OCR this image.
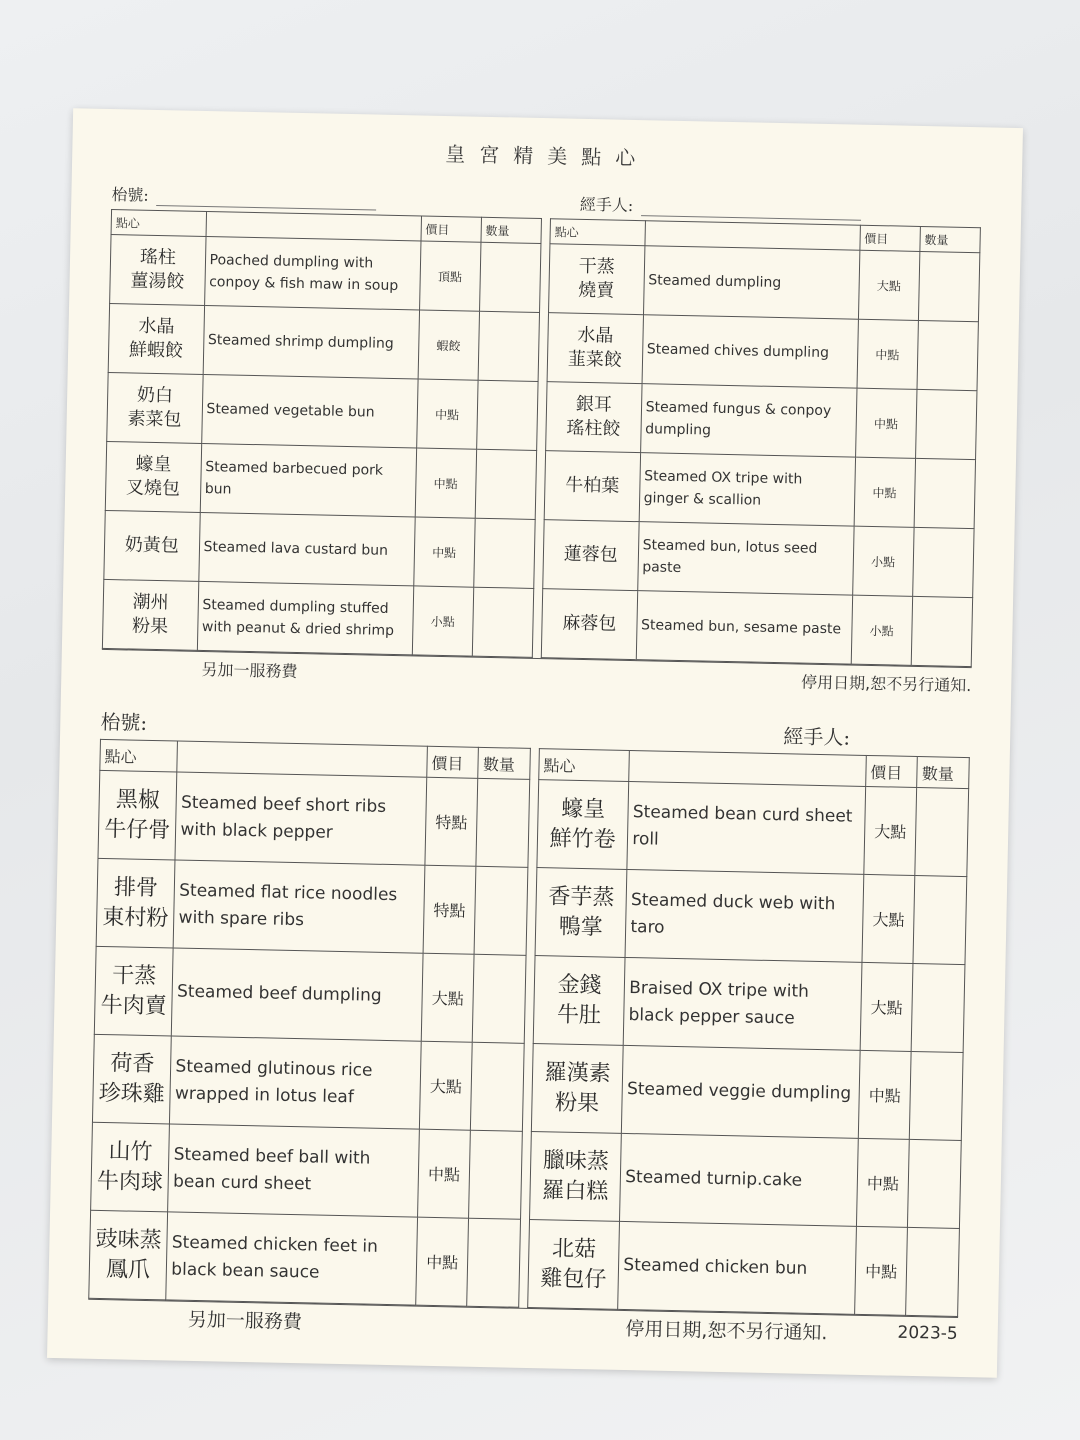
皇宮精美點心
枱號:	經手人:
點心		價目	數量
瑤柱
薑湯餃	Poached dumpling with conpoy & fish maw in soup	頂點	
水晶
鮮蝦餃	Steamed shrimp dumpling	蝦餃	
奶白
素菜包	Steamed vegetable bun	中點	
蠔皇
叉燒包	Steamed barbecued pork bun	中點	
奶黃包	Steamed lava custard bun	中點	
潮州
粉果	Steamed dumpling stuffed with peanut & dried shrimp	小點	
點心		價目	數量
干蒸
燒賣	Steamed dumpling	大點	
水晶
韮菜餃	Steamed chives dumpling	中點	
銀耳
瑤柱餃	Steamed fungus & conpoy dumpling	中點	
牛柏葉	Steamed OX tripe with ginger & scallion	中點	
蓮蓉包	Steamed bun, lotus seed paste	小點	
麻蓉包	Steamed bun, sesame paste	小點	
另加一服務費
停用日期,恕不另行通知.
枱號:
經手人:
點心		價目	數量
黑椒
牛仔骨	Steamed beef short ribs with black pepper	特點	
排骨
東村粉	Steamed flat rice noodles with spare ribs	特點	
干蒸
牛肉賣	Steamed beef dumpling	大點	
荷香
珍珠雞	Steamed glutinous rice wrapped in lotus leaf	大點	
山竹
牛肉球	Steamed beef ball with bean curd sheet	中點	
豉味蒸
鳳爪	Steamed chicken feet in black bean sauce	中點	
點心		價目	數量
蠔皇
鮮竹卷	Steamed bean curd sheet roll	大點	
香芋蒸
鴨掌	Steamed duck web with taro	大點	
金錢
牛肚	Braised OX tripe with black pepper sauce	大點	
羅漢素
粉果	Steamed veggie dumpling	中點	
臘味蒸
羅白糕	Steamed turnip.cake	中點	
北菇
雞包仔	Steamed chicken bun	中點	
另加一服務費	停用日期,恕不另行通知.	2023-5
